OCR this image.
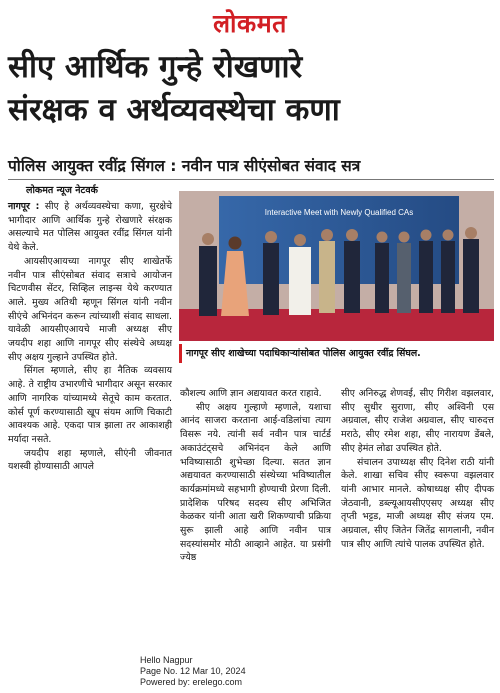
लोकमत
सीए आर्थिक गुन्हे रोखणारे
संरक्षक व अर्थव्यवस्थेचा कणा
पोलिस आयुक्त रवींद्र सिंगल : नवीन पात्र सीएंसोबत संवाद सत्र
लोकमत न्यूज नेटवर्क

नागपूर : सीए हे अर्थव्यवस्थेचा कणा, सुरक्षेचे भागीदार आणि आर्थिक गुन्हे रोखणारे संरक्षक असल्याचे मत पोलिस आयुक्त रवींद्र सिंगल यांनी येथे केले.

आयसीएआयच्या नागपूर सीए शाखेतर्फे नवीन पात्र सीएंसोबत संवाद सत्राचे आयोजन चिटणवीस सेंटर, सिव्हिल लाइन्स येथे करण्यात आले. मुख्य अतिथी म्हणून सिंगल यांनी नवीन सीएंचे अभिनंदन करून त्यांच्याशी संवाद साधला. यावेळी आयसीएआयचे माजी अध्यक्ष सीए जयदीप शहा आणि नागपूर सीए संस्थेचे अध्यक्ष सीए अक्षय गुल्हाने उपस्थित होते.

सिंगल म्हणाले, सीए हा नैतिक व्यवसाय आहे. ते राष्ट्रीय उभारणीचे भागीदार असून सरकार आणि नागरिक यांच्यामध्ये सेतूचे काम करतात. कोर्स पूर्ण करण्यासाठी खूप संयम आणि चिकाटी आवश्यक आहे. एकदा पात्र झाला तर आकाशही मर्यादा नसते.

जयदीप शहा म्हणाले, सीएंनी जीवनात यशस्वी होण्यासाठी आपले

Interactive Meet with Newly Qualified CAs
नागपूर सीए शाखेच्या पदाधिकाऱ्यांसोबत पोलिस आयुक्त रवींद्र सिंघल.

कौशल्य आणि ज्ञान अद्ययावत करत राहावे.

सीए अक्षय गुल्हाणे म्हणाले, यशाचा आनंद साजरा करताना आई-वडिलांचा त्याग विसरू नये. त्यांनी सर्व नवीन पात्र चार्टर्ड अकाउंटंट्सचे अभिनंदन केले आणि भविष्यासाठी शुभेच्छा दिल्या. सतत ज्ञान अद्ययावत करण्यासाठी संस्थेच्या भविष्यातील कार्यक्रमांमध्ये सहभागी होण्याची प्रेरणा दिली. प्रादेशिक परिषद सदस्य सीए अभिजित केळकर यांनी आता खरी शिकण्याची प्रक्रिया सुरू झाली आहे आणि नवीन पात्र सदस्यांसमोर मोठी आव्हाने आहेत. या प्रसंगी ज्येष्ठ

सीए अनिरुद्ध शेणवई, सीए गिरीश वझलवार, सीए सुधीर सुराणा, सीए अश्विनी एस अग्रवाल, सीए राजेश अग्रवाल, सीए चारुदत्त मराठे, सीए रमेश शहा, सीए नारायण डेंबले, सीए हेमंत लोढा उपस्थित होते.

संचालन उपाध्यक्ष सीए दिनेश राठी यांनी केले. शाखा सचिव सीए स्वरूपा वझलवार यांनी आभार मानले. कोषाध्यक्ष सीए दीपक जेठवानी, डब्ल्यूआयसीएएसए अध्यक्ष सीए तृप्ती भट्टड, माजी अध्यक्ष सीए संजय एम. अग्रवाल, सीए जितेन जितेंद्र सागलानी, नवीन पात्र सीए आणि त्यांचे पालक उपस्थित होते.

Hello Nagpur
Page No. 12 Mar 10, 2024
Powered by: erelego.com
